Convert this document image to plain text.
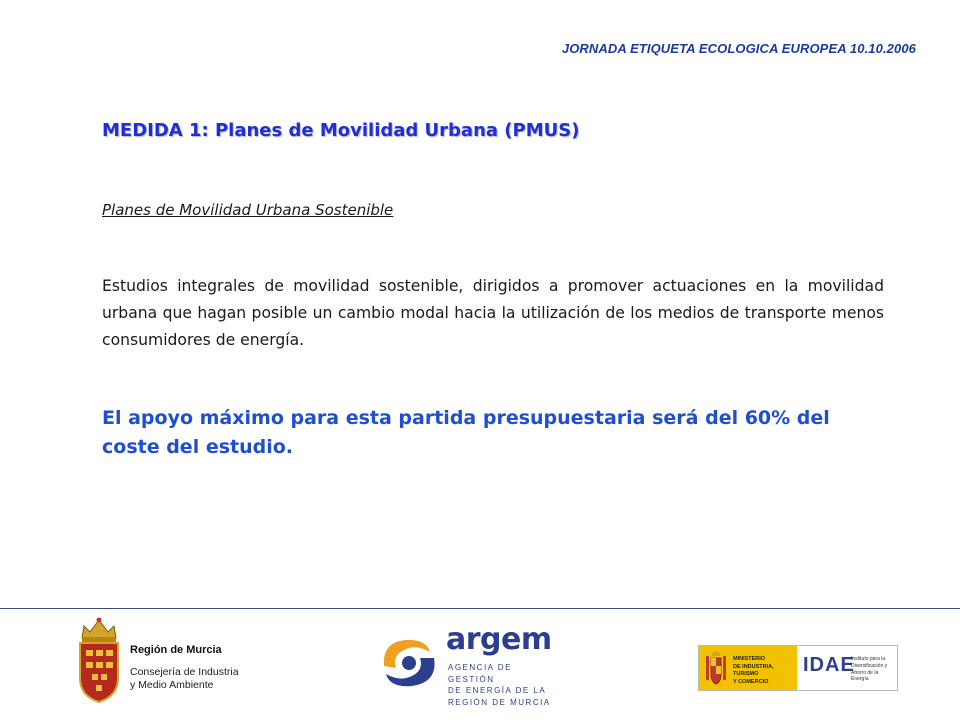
JORNADA ETIQUETA ECOLOGICA EUROPEA 10.10.2006
MEDIDA 1: Planes de Movilidad Urbana (PMUS)

Planes de Movilidad Urbana Sostenible

Estudios integrales de movilidad sostenible, dirigidos a promover actuaciones en la movilidad urbana que hagan posible un cambio modal hacia la utilización de los medios de transporte menos consumidores de energía.

El apoyo máximo para esta partida presupuestaria será del 60% del coste del estudio.

Región de Murcia
Consejería de Industria
y Medio Ambiente
argem
AGENCIA DE GESTIÓN
DE ENERGÍA DE LA
REGIÓN DE MURCIA
MINISTERIO
DE INDUSTRIA, TURISMO
Y COMERCIO
IDAE
Instituto para la
Diversificación y
Ahorro de la Energía
